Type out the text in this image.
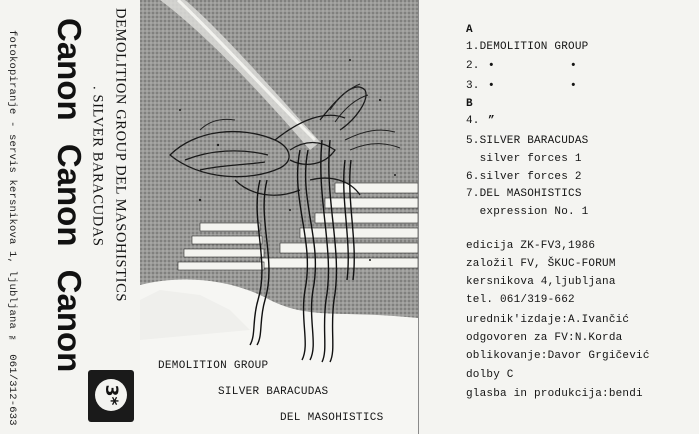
fotokopiranje - servis kersnikova 1, ljubljana ™ 061/312-633 Canon Canon Canon . SILVER BARACUDAS DEMOLITION GROUP DEL MASOHISTICS
3*
DEMOLITION GROUP
SILVER BARACUDAS
DEL MASOHISTICS
A
1.DEMOLITION GROUP
2. •	•
3. •	•
B
4. ”
5.SILVER BARACUDAS
silver forces 1
6.silver forces 2
7.DEL MASOHISTICS
expression No. 1
edicija ZK-FV3,1986
založil FV, ŠKUC-FORUM
kersnikova 4,ljubljana
tel. 061/319-662
urednik'izdaje:A.Ivančić
odgovoren za FV:N.Korda
oblikovanje:Davor Grgičević
dolby C
glasba in produkcija:bendi
